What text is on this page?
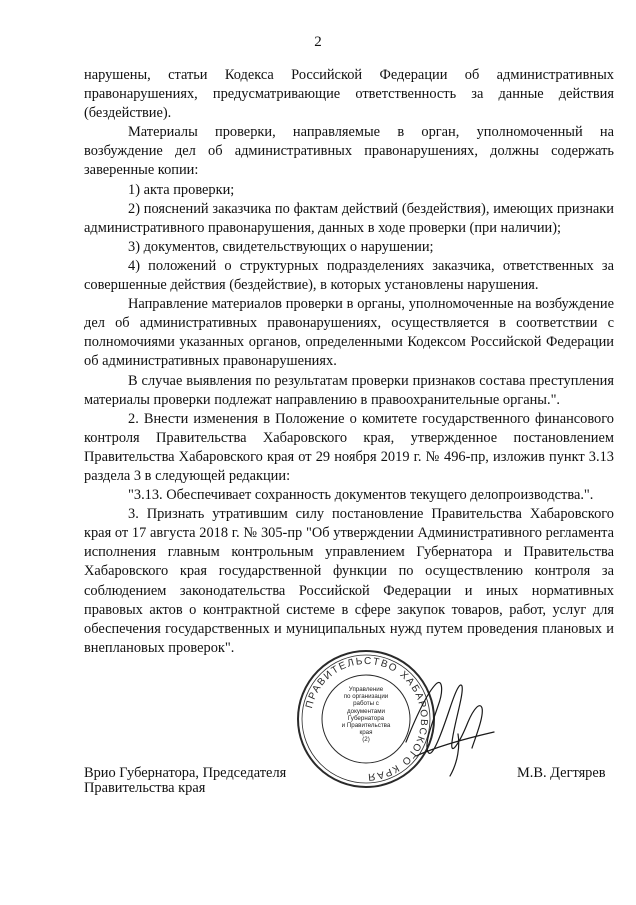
2

нарушены, статьи Кодекса Российской Федерации об административных правонарушениях, предусматривающие ответственность за данные действия (бездействие).

Материалы проверки, направляемые в орган, уполномоченный на возбуждение дел об административных правонарушениях, должны содержать заверенные копии:

1) акта проверки;

2) пояснений заказчика по фактам действий (бездействия), имеющих признаки административного правонарушения, данных в ходе проверки (при наличии);

3) документов, свидетельствующих о нарушении;

4) положений о структурных подразделениях заказчика, ответственных за совершенные действия (бездействие), в которых установлены нарушения.

Направление материалов проверки в органы, уполномоченные на возбуждение дел об административных правонарушениях, осуществляется в соответствии с полномочиями указанных органов, определенными Кодексом Российской Федерации об административных правонарушениях.

В случае выявления по результатам проверки признаков состава преступления материалы проверки подлежат направлению в правоохранительные органы.".

2. Внести изменения в Положение о комитете государственного финансового контроля Правительства Хабаровского края, утвержденное постановлением Правительства Хабаровского края от 29 ноября 2019 г. № 496-пр, изложив пункт 3.13 раздела 3 в следующей редакции:

"3.13. Обеспечивает сохранность документов текущего делопроизводства.".

3. Признать утратившим силу постановление Правительства Хабаровского края от 17 августа 2018 г. № 305-пр "Об утверждении Административного регламента исполнения главным контрольным управлением Губернатора и Правительства Хабаровского края государственной функции по осуществлению контроля за соблюдением законодательства Российской Федерации и иных нормативных правовых актов о контрактной системе в сфере закупок товаров, работ, услуг для обеспечения государственных и муниципальных нужд путем проведения плановых и внеплановых проверок".

Врио Губернатора, Председателя
Правительства края
М.В. Дегтярев
ПРАВИТЕЛЬСТВО ХАБАРОВСКОГО КРАЯ
Управление
по организации
работы с документами
Губернатора
и Правительства
края
(2)
